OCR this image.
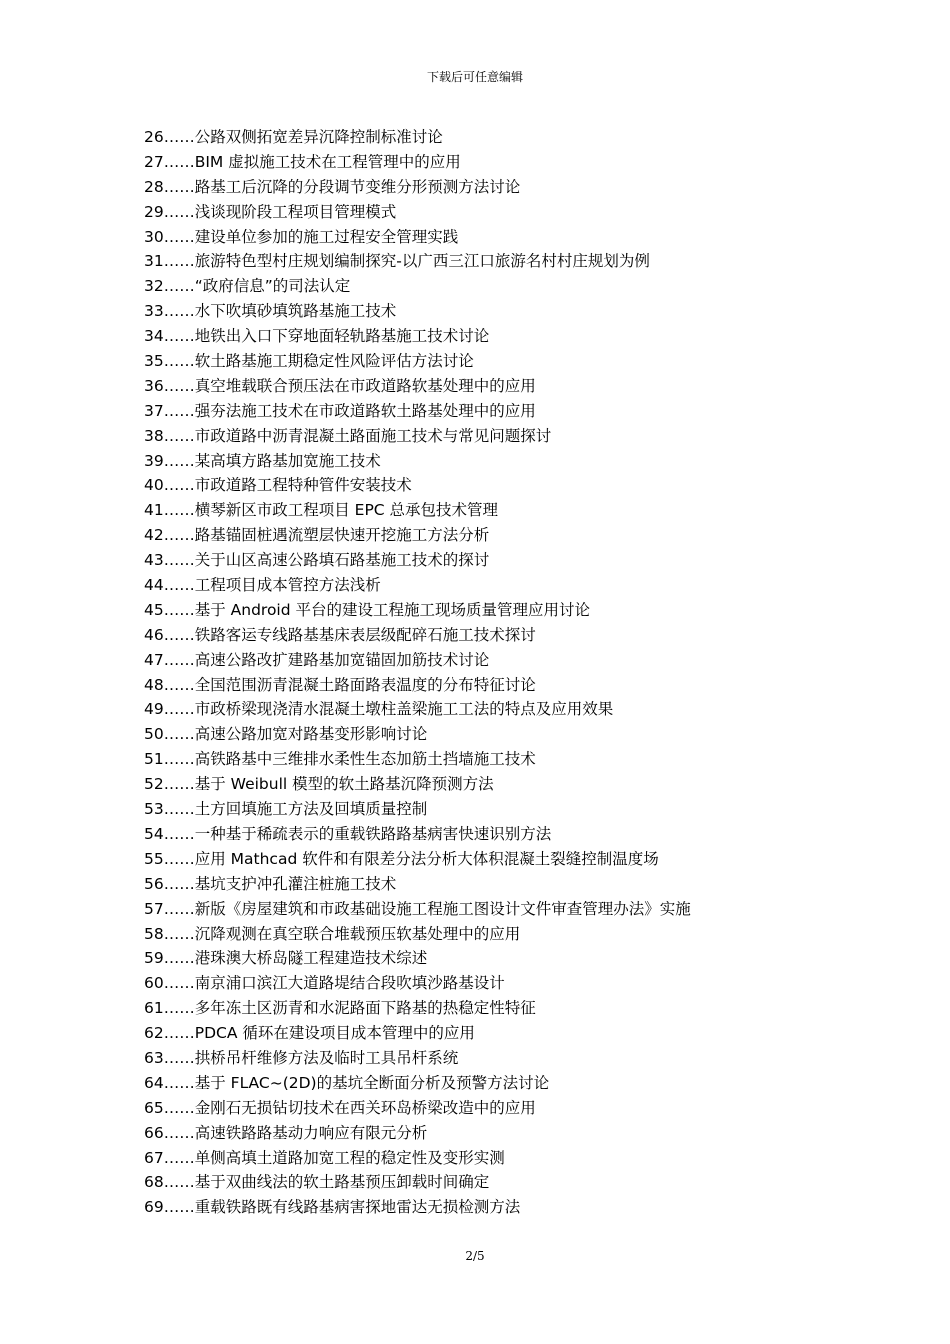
下载后可任意编辑
26……公路双侧拓宽差异沉降控制标准讨论
27……BIM 虚拟施工技术在工程管理中的应用
28……路基工后沉降的分段调节变维分形预测方法讨论
29……浅谈现阶段工程项目管理模式
30……建设单位参加的施工过程安全管理实践
31……旅游特色型村庄规划编制探究-以广西三江口旅游名村村庄规划为例
32……“政府信息”的司法认定
33……水下吹填砂填筑路基施工技术
34……地铁出入口下穿地面轻轨路基施工技术讨论
35……软土路基施工期稳定性风险评估方法讨论
36……真空堆载联合预压法在市政道路软基处理中的应用
37……强夯法施工技术在市政道路软土路基处理中的应用
38……市政道路中沥青混凝土路面施工技术与常见问题探讨
39……某高填方路基加宽施工技术
40……市政道路工程特种管件安装技术
41……横琴新区市政工程项目 EPC 总承包技术管理
42……路基锚固桩遇流塑层快速开挖施工方法分析
43……关于山区高速公路填石路基施工技术的探讨
44……工程项目成本管控方法浅析
45……基于 Android 平台的建设工程施工现场质量管理应用讨论
46……铁路客运专线路基基床表层级配碎石施工技术探讨
47……高速公路改扩建路基加宽锚固加筋技术讨论
48……全国范围沥青混凝土路面路表温度的分布特征讨论
49……市政桥梁现浇清水混凝土墩柱盖梁施工工法的特点及应用效果
50……高速公路加宽对路基变形影响讨论
51……高铁路基中三维排水柔性生态加筋土挡墙施工技术
52……基于 Weibull 模型的软土路基沉降预测方法
53……土方回填施工方法及回填质量控制
54……一种基于稀疏表示的重载铁路路基病害快速识别方法
55……应用 Mathcad 软件和有限差分法分析大体积混凝土裂缝控制温度场
56……基坑支护冲孔灌注桩施工技术
57……新版《房屋建筑和市政基础设施工程施工图设计文件审查管理办法》实施
58……沉降观测在真空联合堆载预压软基处理中的应用
59……港珠澳大桥岛隧工程建造技术综述
60……南京浦口滨江大道路堤结合段吹填沙路基设计
61……多年冻土区沥青和水泥路面下路基的热稳定性特征
62……PDCA 循环在建设项目成本管理中的应用
63……拱桥吊杆维修方法及临时工具吊杆系统
64……基于 FLAC~(2D)的基坑全断面分析及预警方法讨论
65……金刚石无损钻切技术在西关环岛桥梁改造中的应用
66……高速铁路路基动力响应有限元分析
67……单侧高填土道路加宽工程的稳定性及变形实测
68……基于双曲线法的软土路基预压卸载时间确定
69……重载铁路既有线路基病害探地雷达无损检测方法
2/5
